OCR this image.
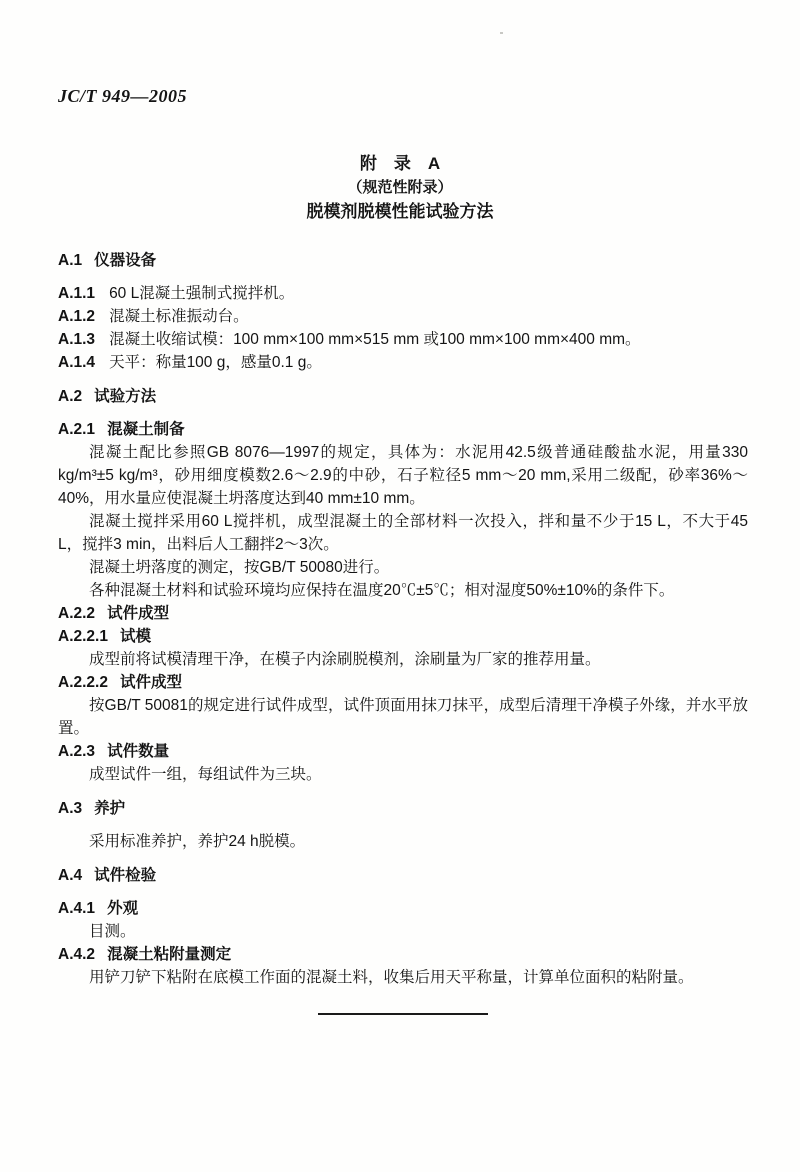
JC/T 949—2005
附　录　A
（规范性附录）
脱模剂脱模性能试验方法
A.1 仪器设备
A.1.1 60 L混凝土强制式搅拌机。
A.1.2 混凝土标准振动台。
A.1.3 混凝土收缩试模：100 mm×100 mm×515 mm 或100 mm×100 mm×400 mm。
A.1.4 天平：称量100 g，感量0.1 g。
A.2 试验方法
A.2.1 混凝土制备
混凝土配比参照GB 8076—1997的规定，具体为：水泥用42.5级普通硅酸盐水泥，用量330 kg/m³±5 kg/m³，砂用细度模数2.6～2.9的中砂，石子粒径5 mm～20 mm,采用二级配，砂率36%～40%，用水量应使混凝土坍落度达到40 mm±10 mm。
混凝土搅拌采用60 L搅拌机，成型混凝土的全部材料一次投入，拌和量不少于15 L，不大于45 L，搅拌3 min，出料后人工翻拌2～3次。
混凝土坍落度的测定，按GB/T 50080进行。
各种混凝土材料和试验环境均应保持在温度20℃±5℃；相对湿度50%±10%的条件下。
A.2.2 试件成型
A.2.2.1 试模
成型前将试模清理干净，在模子内涂刷脱模剂，涂刷量为厂家的推荐用量。
A.2.2.2 试件成型
按GB/T 50081的规定进行试件成型，试件顶面用抹刀抹平，成型后清理干净模子外缘，并水平放置。
A.2.3 试件数量
成型试件一组，每组试件为三块。
A.3 养护
采用标准养护，养护24 h脱模。
A.4 试件检验
A.4.1 外观
目测。
A.4.2 混凝土粘附量测定
用铲刀铲下粘附在底模工作面的混凝土料，收集后用天平称量，计算单位面积的粘附量。
